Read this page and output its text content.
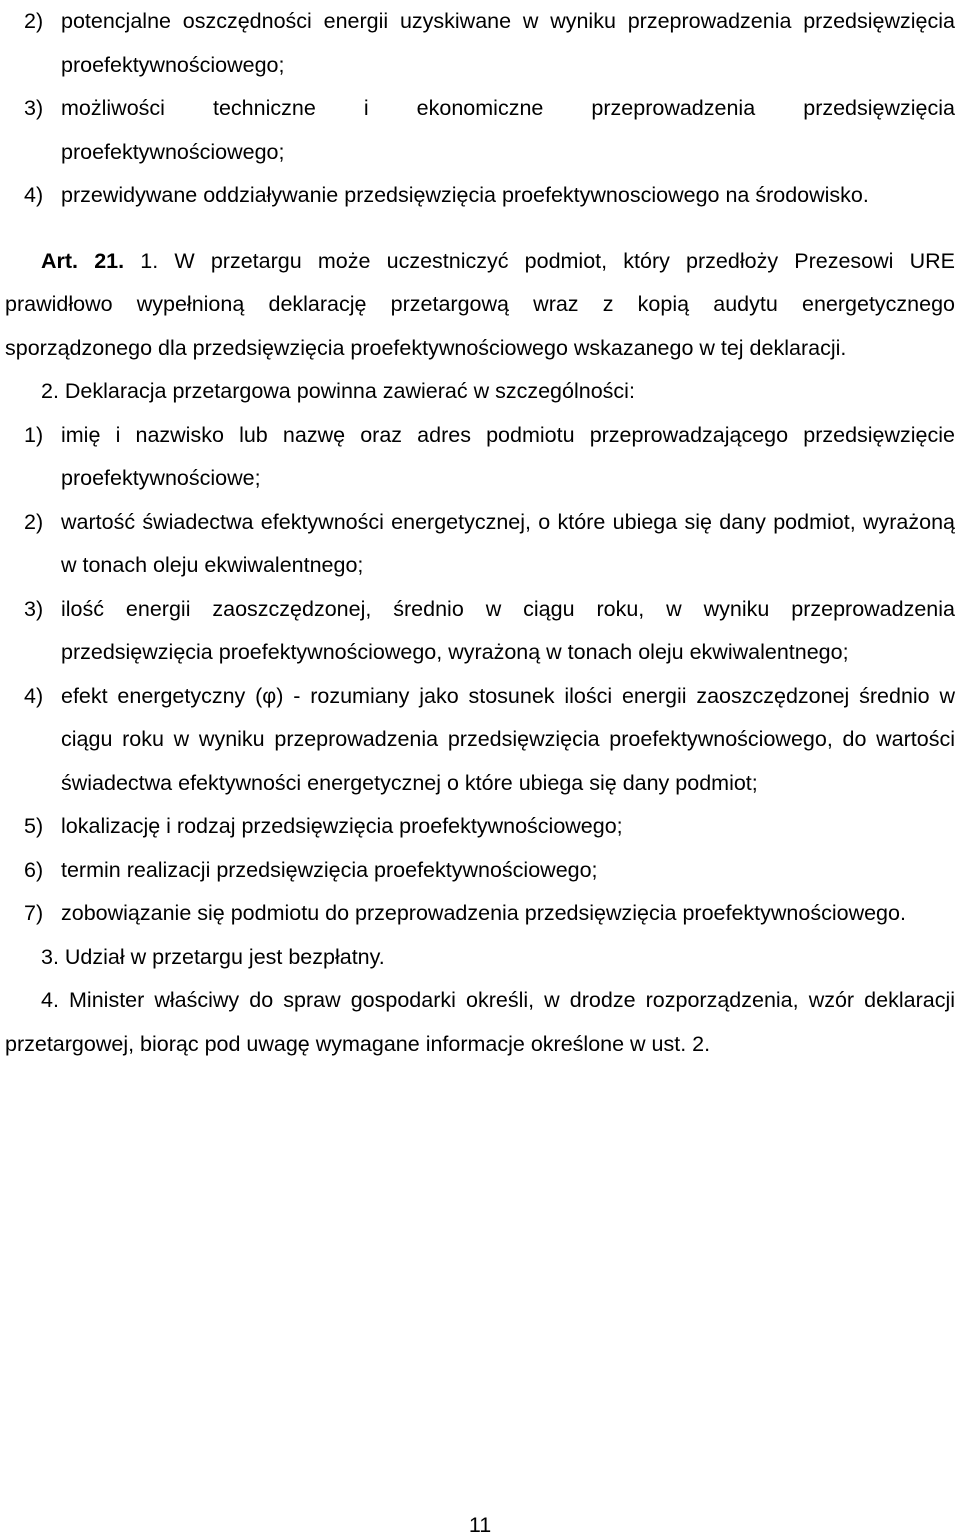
2) potencjalne oszczędności energii uzyskiwane w wyniku przeprowadzenia przedsięwzięcia proefektywnościowego;
3) możliwości techniczne i ekonomiczne przeprowadzenia przedsięwzięcia proefektywnościowego;
4) przewidywane oddziaływanie przedsięwzięcia proefektywnosciowego na środowisko.

Art. 21. 1. W przetargu może uczestniczyć podmiot, który przedłoży Prezesowi URE prawidłowo wypełnioną deklarację przetargową wraz z kopią audytu energetycznego sporządzonego dla przedsięwzięcia proefektywnościowego wskazanego w tej deklaracji.

2. Deklaracja przetargowa powinna zawierać w szczególności:

1) imię i nazwisko lub nazwę oraz adres podmiotu przeprowadzającego przedsięwzięcie proefektywnościowe;
2) wartość świadectwa efektywności energetycznej, o które ubiega się dany podmiot, wyrażoną w tonach oleju ekwiwalentnego;
3) ilość energii zaoszczędzonej, średnio w ciągu roku, w wyniku przeprowadzenia przedsięwzięcia proefektywnościowego, wyrażoną w tonach oleju ekwiwalentnego;
4) efekt energetyczny (φ) - rozumiany jako stosunek ilości energii zaoszczędzonej średnio w ciągu roku w wyniku przeprowadzenia przedsięwzięcia proefektywnościowego, do wartości świadectwa efektywności energetycznej o które ubiega się dany podmiot;
5) lokalizację i rodzaj przedsięwzięcia proefektywnościowego;
6) termin realizacji przedsięwzięcia proefektywnościowego;
7) zobowiązanie się podmiotu do przeprowadzenia przedsięwzięcia proefektywnościowego.

3. Udział w przetargu jest bezpłatny.

4. Minister właściwy do spraw gospodarki określi, w drodze rozporządzenia, wzór deklaracji przetargowej, biorąc pod uwagę wymagane informacje określone w ust. 2.

11
